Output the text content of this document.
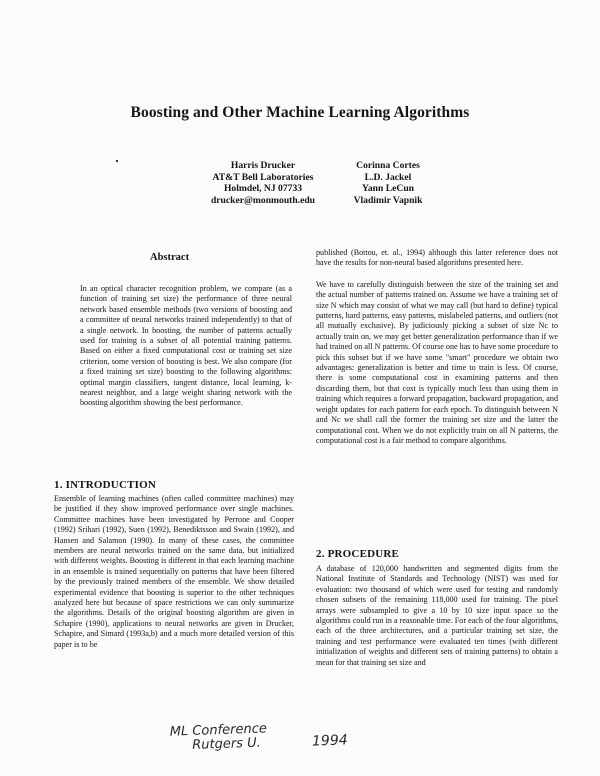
Boosting and Other Machine Learning Algorithms
Harris Drucker
AT&T Bell Laboratories
Holmdel, NJ 07733
drucker@monmouth.edu
Corinna Cortes
L.D. Jackel
Yann LeCun
Vladimir Vapnik
Abstract

In an optical character recognition problem, we compare (as a function of training set size) the performance of three neural network based ensemble methods (two versions of boosting and a committee of neural networks trained independently) to that of a single network. In boosting, the number of patterns actually used for training is a subset of all potential training patterns. Based on either a fixed computational cost or training set size criterion, some version of boosting is best. We also compare (for a fixed training set size) boosting to the following algorithms: optimal margin classifiers, tangent distance, local learning, k-nearest neighbor, and a large weight sharing network with the boosting algorithm showing the best performance.

1. INTRODUCTION

Ensemble of learning machines (often called committee machines) may be justified if they show improved performance over single machines. Committee machines have been investigated by Perrone and Cooper (1992) Srihari (1992), Suen (1992), Benediktsson and Swain (1992), and Hansen and Salamon (1990). In many of these cases, the committee members are neural networks trained on the same data, but initialized with different weights. Boosting is different in that each learning machine in an ensemble is trained sequentially on patterns that have been filtered by the previously trained members of the ensemble. We show detailed experimental evidence that boosting is superior to the other techniques analyzed here but because of space restrictions we can only summarize the algorithms. Details of the original boosting algorithm are given in Schapire (1990), applications to neural networks are given in Drucker, Schapire, and Simard (1993a,b) and a much more detailed version of this paper is to be

published (Bottou, et. al., 1994) although this latter reference does not have the results for non-neural based algorithms presented here.

We have to carefully distinguish between the size of the training set and the actual number of patterns trained on. Assume we have a training set of size N which may consist of what we may call (but hard to define) typical patterns, hard patterns, easy patterns, mislabeled patterns, and outliers (not all mutually exclusive). By judiciously picking a subset of size Nc to actually train on, we may get better generalization performance than if we had trained on all N patterns. Of course one has to have some procedure to pick this subset but if we have some "smart" procedure we obtain two advantages: generalization is better and time to train is less. Of course, there is some computational cost in examining patterns and then discarding them, but that cost is typically much less than using them in training which requires a forward propagation, backward propagation, and weight updates for each pattern for each epoch. To distinguish between N and Nc we shall call the former the training set size and the latter the computational cost. When we do not explicitly train on all N patterns, the computational cost is a fair method to compare algorithms.

2. PROCEDURE

A database of 120,000 handwritten and segmented digits from the National Institute of Standards and Technology (NIST) was used for evaluation: two thousand of which were used for testing and randomly chosen subsets of the remaining 118,000 used for training. The pixel arrays were subsampled to give a 10 by 10 size input space so the algorithms could run in a reasonable time. For each of the four algorithms, each of the three architectures, and a particular training set size, the training and test performance were evaluated ten times (with different initialization of weights and different sets of training patterns) to obtain a mean for that training set size and

ML Conference
Rutgers U.	1994
